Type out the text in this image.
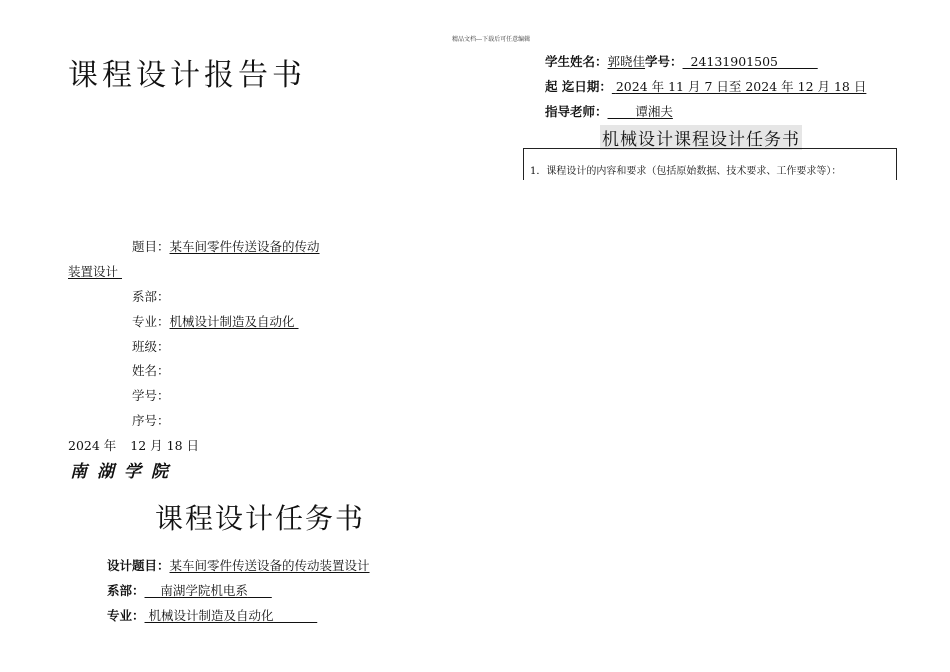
精品文档---下载后可任意编辑
课程设计报告书
题目：某车间零件传送设备的传动
装置设计
系部：
专业：机械设计制造及自动化
班级：
姓名：
学号：
序号：
2024 年 12 月 18 日
南湖学院
课程设计任务书
设计题目：某车间零件传送设备的传动装置设计
系部： 南湖学院机电系
专业： 机械设计制造及自动化
学生姓名：郭晓佳学号： 24131901505
起 迄日期： 2024 年 11 月 7 日至 2024 年 12 月 18 日
指导老师： 谭湘夫
机械设计课程设计任务书
1．课程设计的内容和要求（包括原始数据、技术要求、工作要求等）：
